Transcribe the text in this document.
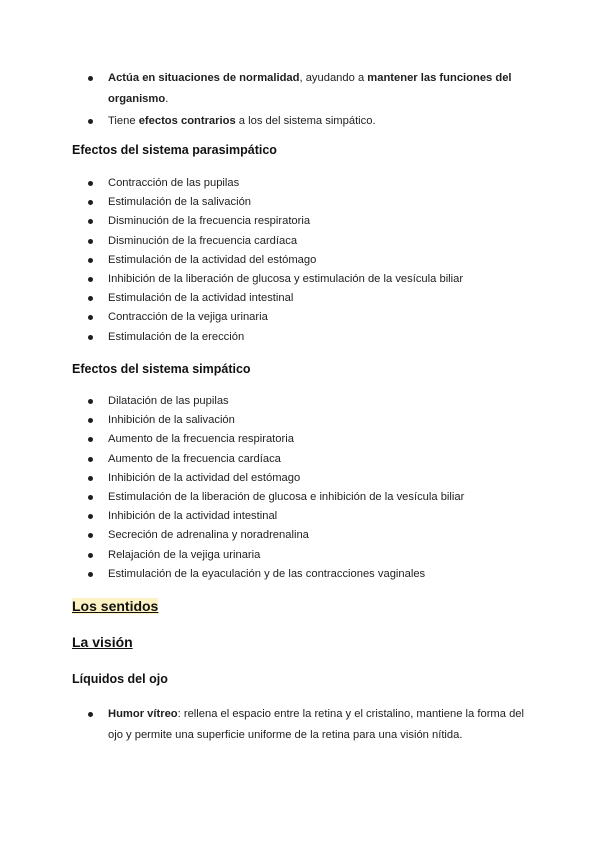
Actúa en situaciones de normalidad, ayudando a mantener las funciones del organismo.
Tiene efectos contrarios a los del sistema simpático.
Efectos del sistema parasimpático
Contracción de las pupilas
Estimulación de la salivación
Disminución de la frecuencia respiratoria
Disminución de la frecuencia cardíaca
Estimulación de la actividad del estómago
Inhibición de la liberación de glucosa y estimulación de la vesícula biliar
Estimulación de la actividad intestinal
Contracción de la vejiga urinaria
Estimulación de la erección
Efectos del sistema simpático
Dilatación de las pupilas
Inhibición de la salivación
Aumento de la frecuencia respiratoria
Aumento de la frecuencia cardíaca
Inhibición de la actividad del estómago
Estimulación de la liberación de glucosa e inhibición de la vesícula biliar
Inhibición de la actividad intestinal
Secreción de adrenalina y noradrenalina
Relajación de la vejiga urinaria
Estimulación de la eyaculación y de las contracciones vaginales
Los sentidos
La visión
Líquidos del ojo
Humor vítreo: rellena el espacio entre la retina y el cristalino, mantiene la forma del ojo y permite una superficie uniforme de la retina para una visión nítida.
